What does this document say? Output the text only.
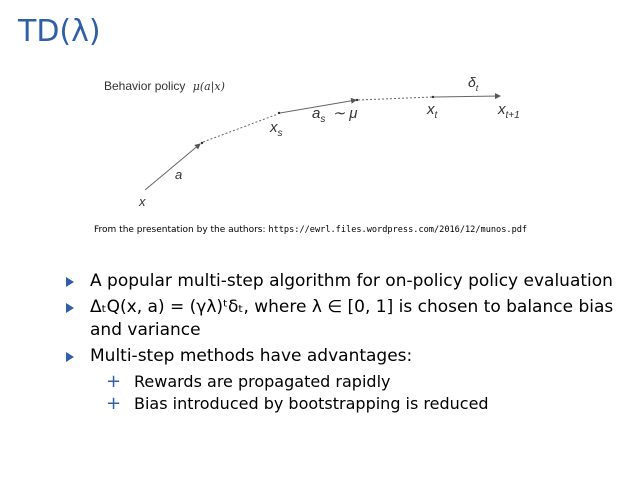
TD(λ)
Behavior policy μ(a|x)	$\delta_t$
x
a
$x_s$
$a_s$ ∼ μ	$x_t$	$x_{t+1}$
From the presentation by the authors: https://ewrl.files.wordpress.com/2016/12/munos.pdf
A popular multi-step algorithm for on-policy policy evaluation
ΔₜQ(x, a) = (γλ)ᵗδₜ, where λ ∈ [0, 1] is chosen to balance bias and variance
Multi-step methods have advantages:
+ Rewards are propagated rapidly
+ Bias introduced by bootstrapping is reduced
